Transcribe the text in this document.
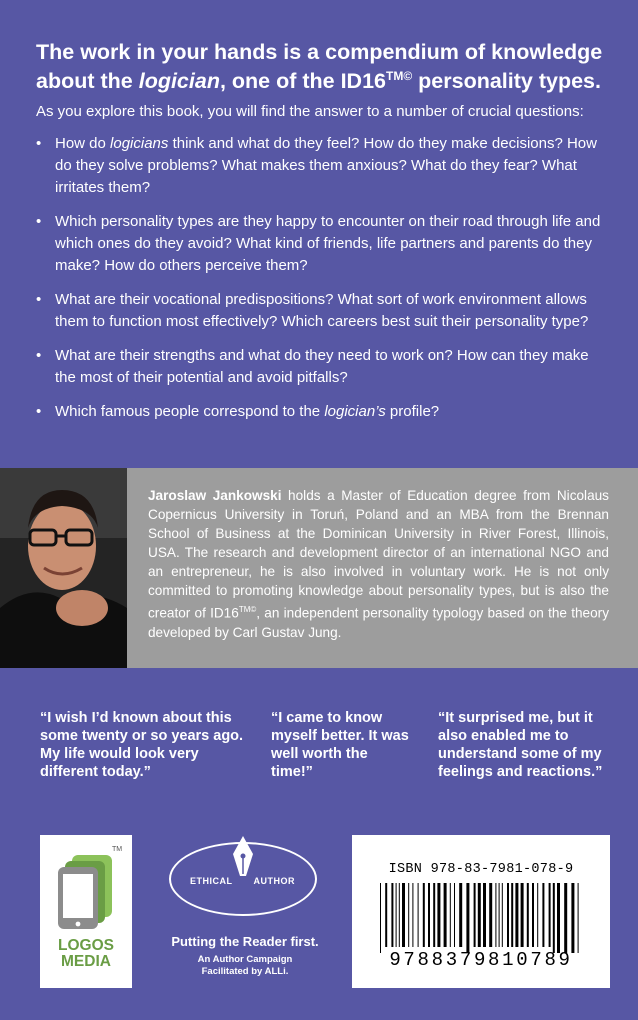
The work in your hands is a compendium of knowledge about the logician, one of the $ID16^{TM©}$ personality types.
As you explore this book, you will find the answer to a number of crucial questions:
• How do logicians think and what do they feel? How do they make decisions? How do they solve problems? What makes them anxious? What do they fear? What irritates them?
• Which personality types are they happy to encounter on their road through life and which ones do they avoid? What kind of friends, life partners and parents do they make? How do others perceive them?
• What are their vocational predispositions? What sort of work environment allows them to function most effectively? Which careers best suit their personality type?
• What are their strengths and what do they need to work on? How can they make the most of their potential and avoid pitfalls?
• Which famous people correspond to the logician’s profile?
Jaroslaw Jankowski holds a Master of Education degree from Nicolaus Copernicus University in Toruń, Poland and an MBA from the Brennan School of Business at the Dominican University in River Forest, Illinois, USA. The research and development director of an international NGO and an entrepreneur, he is also involved in voluntary work. He is not only committed to promoting knowledge about personality types, but is also the creator of $ID16^{TM©}$, an independent personality typology based on the theory developed by Carl Gustav Jung.
“I wish I’d known about this some twenty or so years ago. My life would look very different today.”
“I came to know myself better. It was well worth the time!”
“It surprised me, but it also enabled me to understand some of my feelings and reactions.”
TM
LOGOS
MEDIA
ETHICAL AUTHOR
Putting the Reader first.
An Author Campaign
Facilitated by ALLi.
ISBN 978-83-7981-078-9
9788379810789
